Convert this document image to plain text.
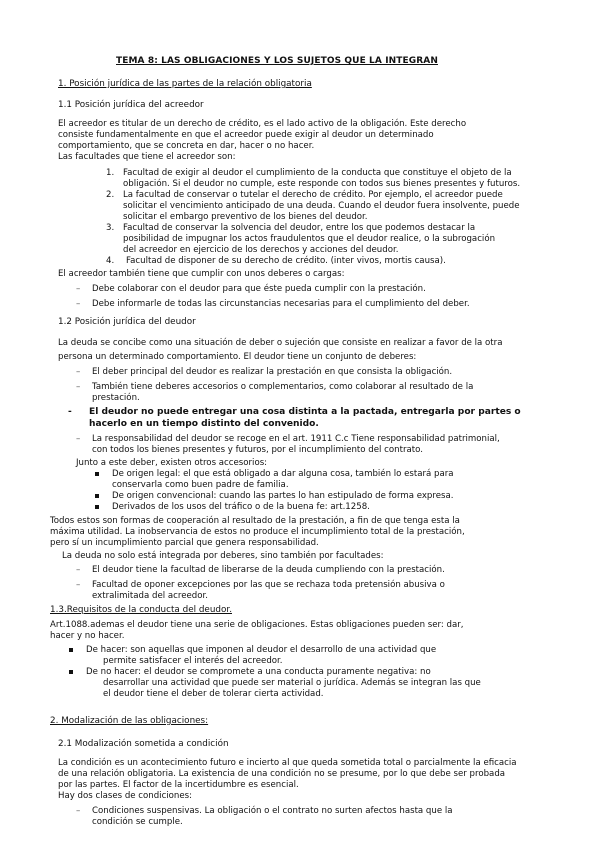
TEMA 8: LAS OBLIGACIONES Y LOS SUJETOS QUE LA INTEGRAN
1. Posición jurídica de las partes de la relación obligatoria
1.1 Posición jurídica del acreedor
El acreedor es titular de un derecho de crédito, es el lado activo de la obligación. Este derecho
consiste fundamentalmente en que el acreedor puede exigir al deudor un determinado
comportamiento, que se concreta en dar, hacer o no hacer.
Las facultades que tiene el acreedor son:
1. Facultad de exigir al deudor el cumplimiento de la conducta que constituye el objeto de la
obligación. Si el deudor no cumple, este responde con todos sus bienes presentes y futuros.
2. La facultad de conservar o tutelar el derecho de crédito. Por ejemplo, el acreedor puede
solicitar el vencimiento anticipado de una deuda. Cuando el deudor fuera insolvente, puede
solicitar el embargo preventivo de los bienes del deudor.
3. Facultad de conservar la solvencia del deudor, entre los que podemos destacar la
posibilidad de impugnar los actos fraudulentos que el deudor realice, o la subrogación
del acreedor en ejercicio de los derechos y acciones del deudor.
4. Facultad de disponer de su derecho de crédito. (inter vivos, mortis causa).
El acreedor también tiene que cumplir con unos deberes o cargas:
– Debe colaborar con el deudor para que éste pueda cumplir con la prestación.
– Debe informarle de todas las circunstancias necesarias para el cumplimiento del deber.
1.2 Posición jurídica del deudor
La deuda se concibe como una situación de deber o sujeción que consiste en realizar a favor de la otra
persona un determinado comportamiento. El deudor tiene un conjunto de deberes:
– El deber principal del deudor es realizar la prestación en que consista la obligación.
– También tiene deberes accesorios o complementarios, como colaborar al resultado de la
prestación.
- El deudor no puede entregar una cosa distinta a la pactada, entregarla por partes o
hacerlo en un tiempo distinto del convenido.
– La responsabilidad del deudor se recoge en el art. 1911 C.c Tiene responsabilidad patrimonial,
con todos los bienes presentes y futuros, por el incumplimiento del contrato.
Junto a este deber, existen otros accesorios:
De origen legal: el que está obligado a dar alguna cosa, también lo estará para
conservarla como buen padre de familia.
De origen convencional: cuando las partes lo han estipulado de forma expresa.
Derivados de los usos del tráfico o de la buena fe: art.1258.
Todos estos son formas de cooperación al resultado de la prestación, a fin de que tenga esta la
máxima utilidad. La inobservancia de estos no produce el incumplimiento total de la prestación,
pero sí un incumplimiento parcial que genera responsabilidad.
La deuda no solo está integrada por deberes, sino también por facultades:
– El deudor tiene la facultad de liberarse de la deuda cumpliendo con la prestación.
– Facultad de oponer excepciones por las que se rechaza toda pretensión abusiva o
extralimitada del acreedor.
1.3.Requisitos de la conducta del deudor.
Art.1088.ademas el deudor tiene una serie de obligaciones. Estas obligaciones pueden ser: dar,
hacer y no hacer.
De hacer: son aquellas que imponen al deudor el desarrollo de una actividad que
permite satisfacer el interés del acreedor.
De no hacer: el deudor se compromete a una conducta puramente negativa: no
desarrollar una actividad que puede ser material o jurídica. Además se integran las que
el deudor tiene el deber de tolerar cierta actividad.
2. Modalización de las obligaciones:
2.1 Modalización sometida a condición
La condición es un acontecimiento futuro e incierto al que queda sometida total o parcialmente la eficacia
de una relación obligatoria. La existencia de una condición no se presume, por lo que debe ser probada
por las partes. El factor de la incertidumbre es esencial.
Hay dos clases de condiciones:
– Condiciones suspensivas. La obligación o el contrato no surten afectos hasta que la
condición se cumple.
